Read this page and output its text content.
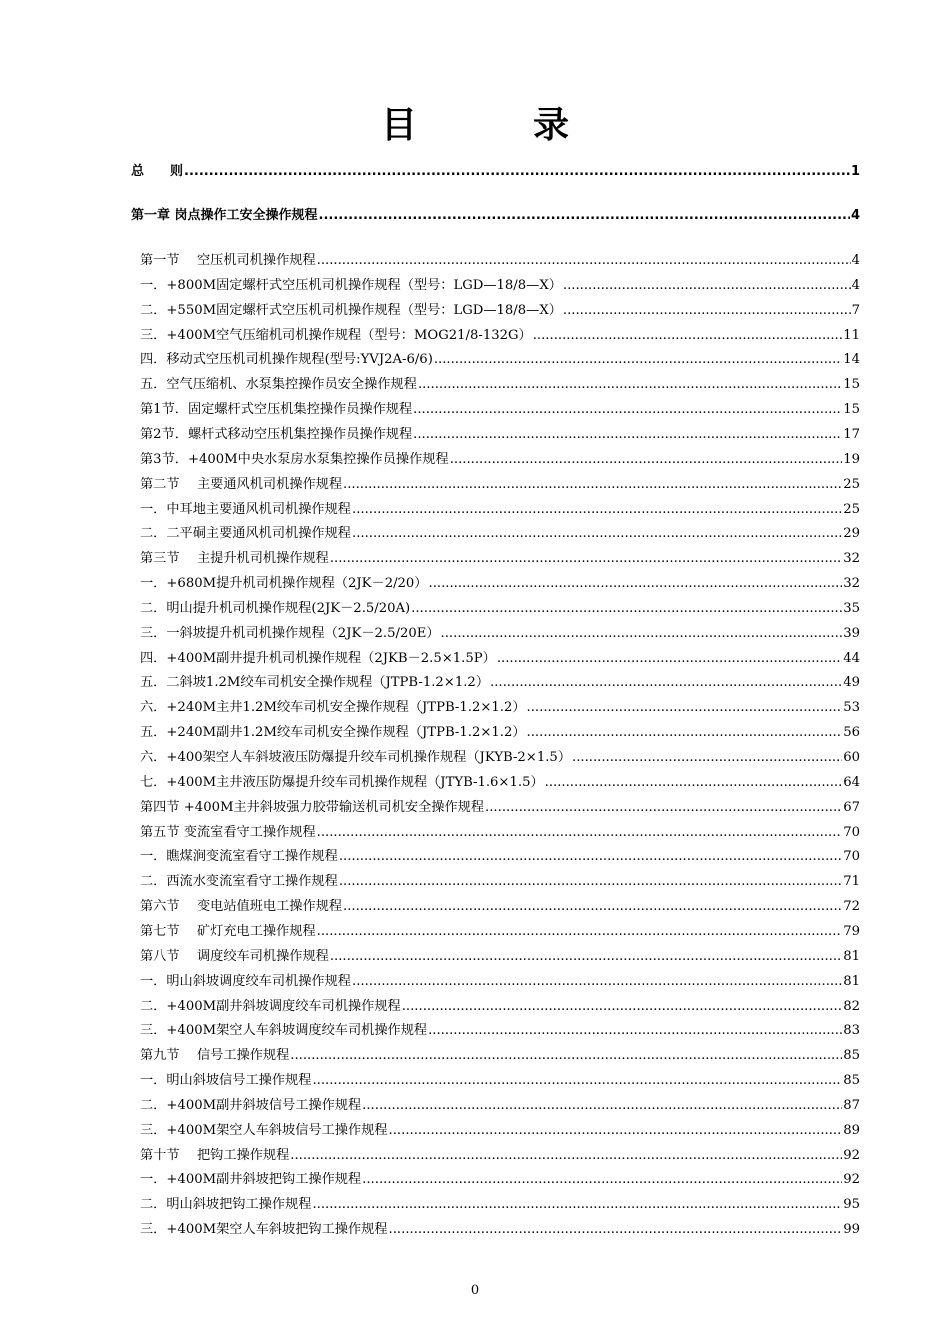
目　录
总　　则 .....	1
第一章 岗点操作工安全操作规程 .....	4
第一节　 空压机司机操作规程 .....	4
一．+800M固定螺杆式空压机司机操作规程（型号：LGD—18/8—X） .....	4
二．+550M固定螺杆式空压机司机操作规程（型号：LGD—18/8—X） .....	7
三．+400M空气压缩机司机操作规程（型号：MOG21/8-132G） .....	11
四．移动式空压机司机操作规程(型号:YVJ2A-6/6) .....	14
五．空气压缩机、水泵集控操作员安全操作规程 .....	15
第1节．固定螺杆式空压机集控操作员操作规程 .....	15
第2节．螺杆式移动空压机集控操作员操作规程 .....	17
第3节．+400M中央水泵房水泵集控操作员操作规程 .....	19
第二节　 主要通风机司机操作规程 .....	25
一．中耳地主要通风机司机操作规程 .....	25
二．二平硐主要通风机司机操作规程 .....	29
第三节　 主提升机司机操作规程 .....	32
一．+680M提升机司机操作规程（2JK－2/20） .....	32
二．明山提升机司机操作规程(2JK－2.5/20A) .....	35
三．一斜坡提升机司机操作规程（2JK－2.5/20E） .....	39
四．+400M副井提升机司机操作规程（2JKB－2.5×1.5P） .....	44
五．二斜坡1.2M绞车司机安全操作规程（JTPB-1.2×1.2） .....	49
六．+240M主井1.2M绞车司机安全操作规程（JTPB-1.2×1.2） .....	53
五．+240M副井1.2M绞车司机安全操作规程（JTPB-1.2×1.2） .....	56
六．+400架空人车斜坡液压防爆提升绞车司机操作规程（JKYB-2×1.5） .....	60
七．+400M主井液压防爆提升绞车司机操作规程（JTYB-1.6×1.5） .....	64
第四节 +400M主井斜坡强力胶带输送机司机安全操作规程 .....	67
第五节 变流室看守工操作规程 .....	70
一．瞧煤涧变流室看守工操作规程 .....	70
二．西流水变流室看守工操作规程 .....	71
第六节　 变电站值班电工操作规程 .....	72
第七节　 矿灯充电工操作规程 .....	79
第八节　 调度绞车司机操作规程 .....	81
一．明山斜坡调度绞车司机操作规程 .....	81
二．+400M副井斜坡调度绞车司机操作规程 .....	82
三．+400M架空人车斜坡调度绞车司机操作规程 .....	83
第九节　 信号工操作规程 .....	85
一．明山斜坡信号工操作规程 .....	85
二．+400M副井斜坡信号工操作规程 .....	87
三．+400M架空人车斜坡信号工操作规程 .....	89
第十节　 把钩工操作规程 .....	92
一．+400M副井斜坡把钩工操作规程 .....	92
二．明山斜坡把钩工操作规程 .....	95
三．+400M架空人车斜坡把钩工操作规程 .....	99
0
